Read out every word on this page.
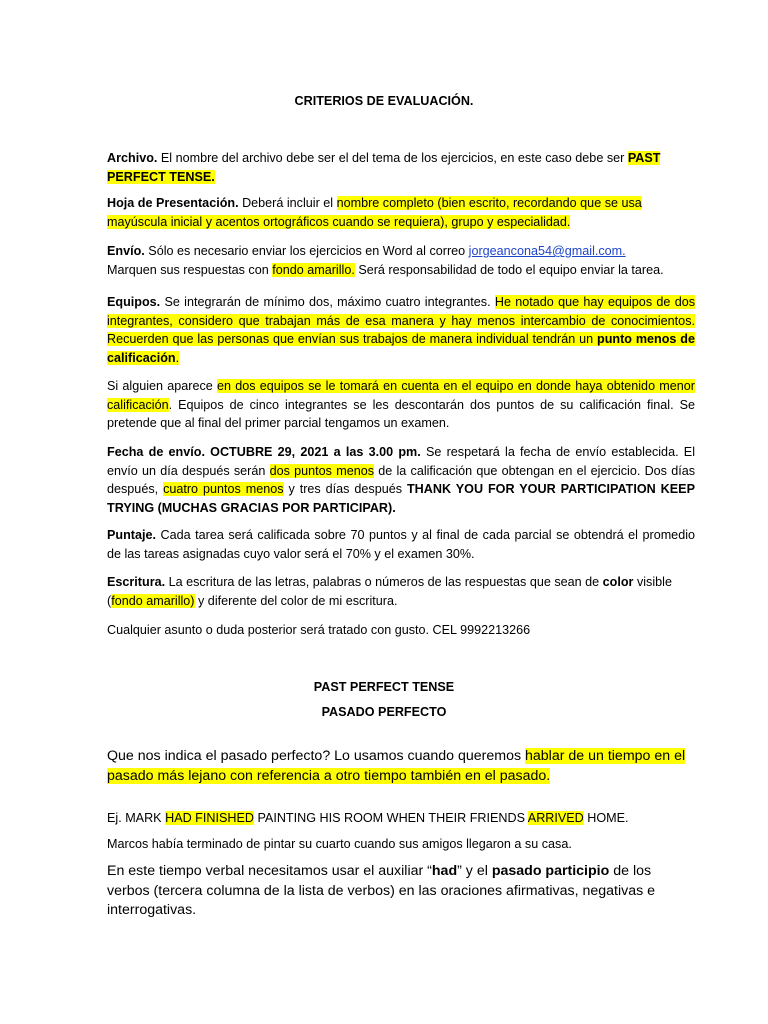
CRITERIOS DE EVALUACIÓN.

Archivo. El nombre del archivo debe ser el del tema de los ejercicios, en este caso debe ser PAST PERFECT TENSE.

Hoja de Presentación. Deberá incluir el nombre completo (bien escrito, recordando que se usa mayúscula inicial y acentos ortográficos cuando se requiera), grupo y especialidad.

Envío. Sólo es necesario enviar los ejercicios en Word al correo jorgeancona54@gmail.com.
Marquen sus respuestas con fondo amarillo. Será responsabilidad de todo el equipo enviar la tarea.

Equipos. Se integrarán de mínimo dos, máximo cuatro integrantes. He notado que hay equipos de dos integrantes, considero que trabajan más de esa manera y hay menos intercambio de conocimientos. Recuerden que las personas que envían sus trabajos de manera individual tendrán un punto menos de calificación.

Si alguien aparece en dos equipos se le tomará en cuenta en el equipo en donde haya obtenido menor calificación. Equipos de cinco integrantes se les descontarán dos puntos de su calificación final. Se pretende que al final del primer parcial tengamos un examen.

Fecha de envío. OCTUBRE 29, 2021 a las 3.00 pm. Se respetará la fecha de envío establecida. El envío un día después serán dos puntos menos de la calificación que obtengan en el ejercicio. Dos días después, cuatro puntos menos y tres días después THANK YOU FOR YOUR PARTICIPATION KEEP TRYING (MUCHAS GRACIAS POR PARTICIPAR).

Puntaje. Cada tarea será calificada sobre 70 puntos y al final de cada parcial se obtendrá el promedio de las tareas asignadas cuyo valor será el 70% y el examen 30%.

Escritura. La escritura de las letras, palabras o números de las respuestas que sean de color visible (fondo amarillo) y diferente del color de mi escritura.

Cualquier asunto o duda posterior será tratado con gusto. CEL 9992213266

PAST PERFECT TENSE

PASADO PERFECTO

Que nos indica el pasado perfecto? Lo usamos cuando queremos hablar de un tiempo en el pasado más lejano con referencia a otro tiempo también en el pasado.

Ej. MARK HAD FINISHED PAINTING HIS ROOM WHEN THEIR FRIENDS ARRIVED HOME.

Marcos había terminado de pintar su cuarto cuando sus amigos llegaron a su casa.

En este tiempo verbal necesitamos usar el auxiliar “had” y el pasado participio de los verbos (tercera columna de la lista de verbos) en las oraciones afirmativas, negativas e interrogativas.
